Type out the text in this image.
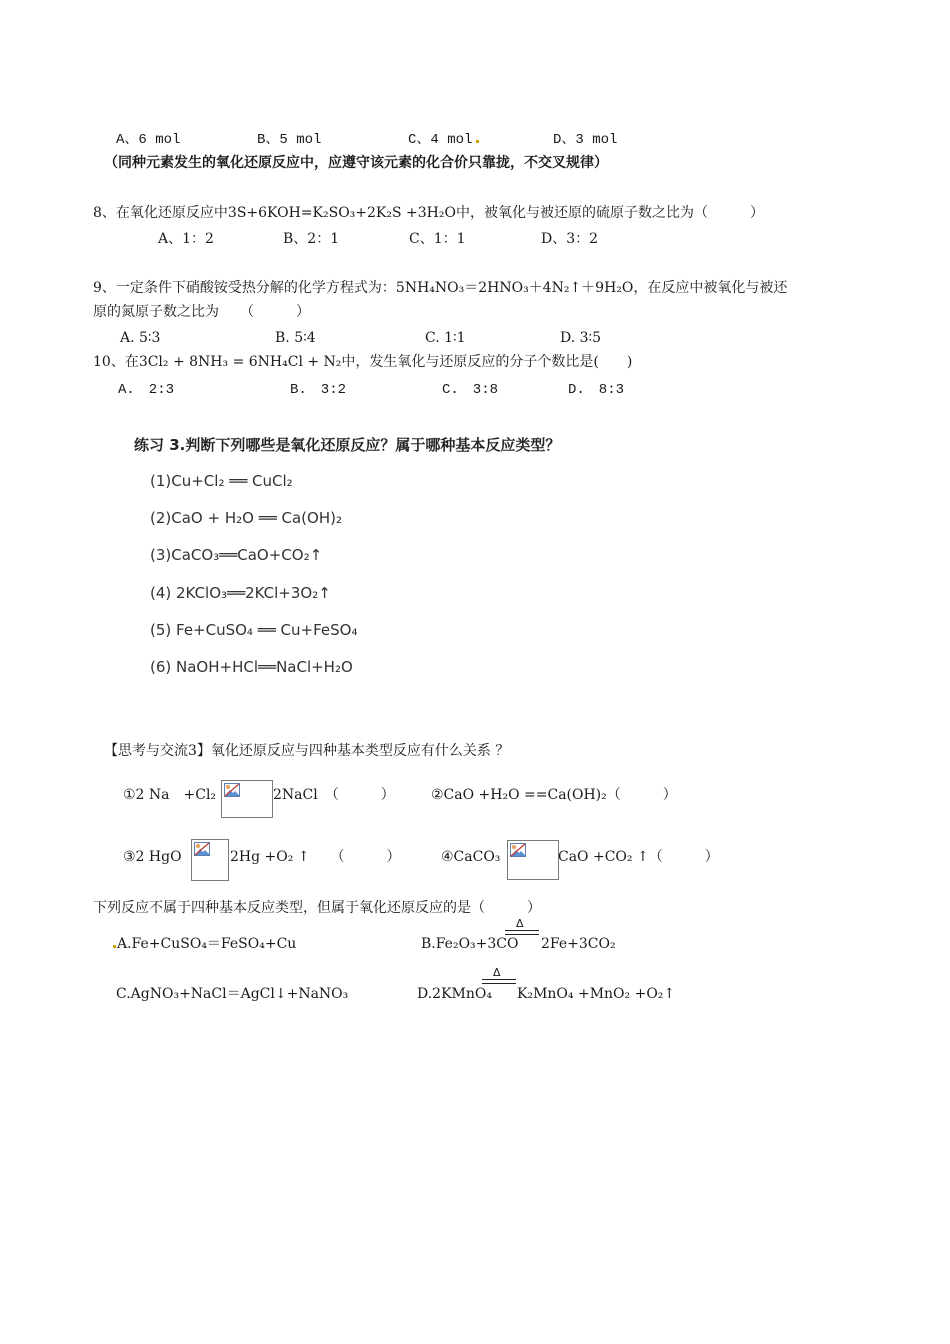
A、6 mol	B、5 mol	C、4 mol	D、3 mol
（同种元素发生的氧化还原反应中，应遵守该元素的化合价只靠拢，不交叉规律）
8、在氧化还原反应中3S+6KOH=K₂SO₃+2K₂S +3H₂O中，被氧化与被还原的硫原子数之比为（　　　）
A、1：2	B、2：1	C、1：1	D、3：2
9、一定条件下硝酸铵受热分解的化学方程式为：5NH₄NO₃＝2HNO₃＋4N₂↑＋9H₂O，在反应中被氧化与被还
原的氮原子数之比为　　（　　　）
A. 5∶3	B. 5∶4	C. 1∶1	D. 3∶5
10、在3Cl₂ + 8NH₃ = 6NH₄Cl + N₂中，发生氧化与还原反应的分子个数比是(　　)
A.　2:3	B.　3:2	C.　3:8	D.　8:3
练习 3.判断下列哪些是氧化还原反应？属于哪种基本反应类型？
(1)Cu+Cl₂ ══ CuCl₂
(2)CaO + H₂O ══ Ca(OH)₂
(3)CaCO₃══CaO+CO₂↑
(4) 2KClO₃══2KCl+3O₂↑
(5) Fe+CuSO₄ ══ Cu+FeSO₄
(6) NaOH+HCl══NaCl+H₂O
【思考与交流3】氧化还原反应与四种基本类型反应有什么关系 ？
①2 Na　+Cl₂	2NaCl　（　　　）	②CaO +H₂O ==Ca(OH)₂（　　　）
③2 HgO	2Hg +O₂ ↑　　（　　　）	④CaCO₃	CaO +CO₂ ↑（　　　）
下列反应不属于四种基本反应类型，但属于氧化还原反应的是（　　　）
A.Fe+CuSO₄＝FeSO₄+Cu	B.Fe₂O₃+3CO
Δ
2Fe+3CO₂
C.AgNO₃+NaCl＝AgCl↓+NaNO₃	D.2KMnO₄
Δ
K₂MnO₄ +MnO₂ +O₂↑
